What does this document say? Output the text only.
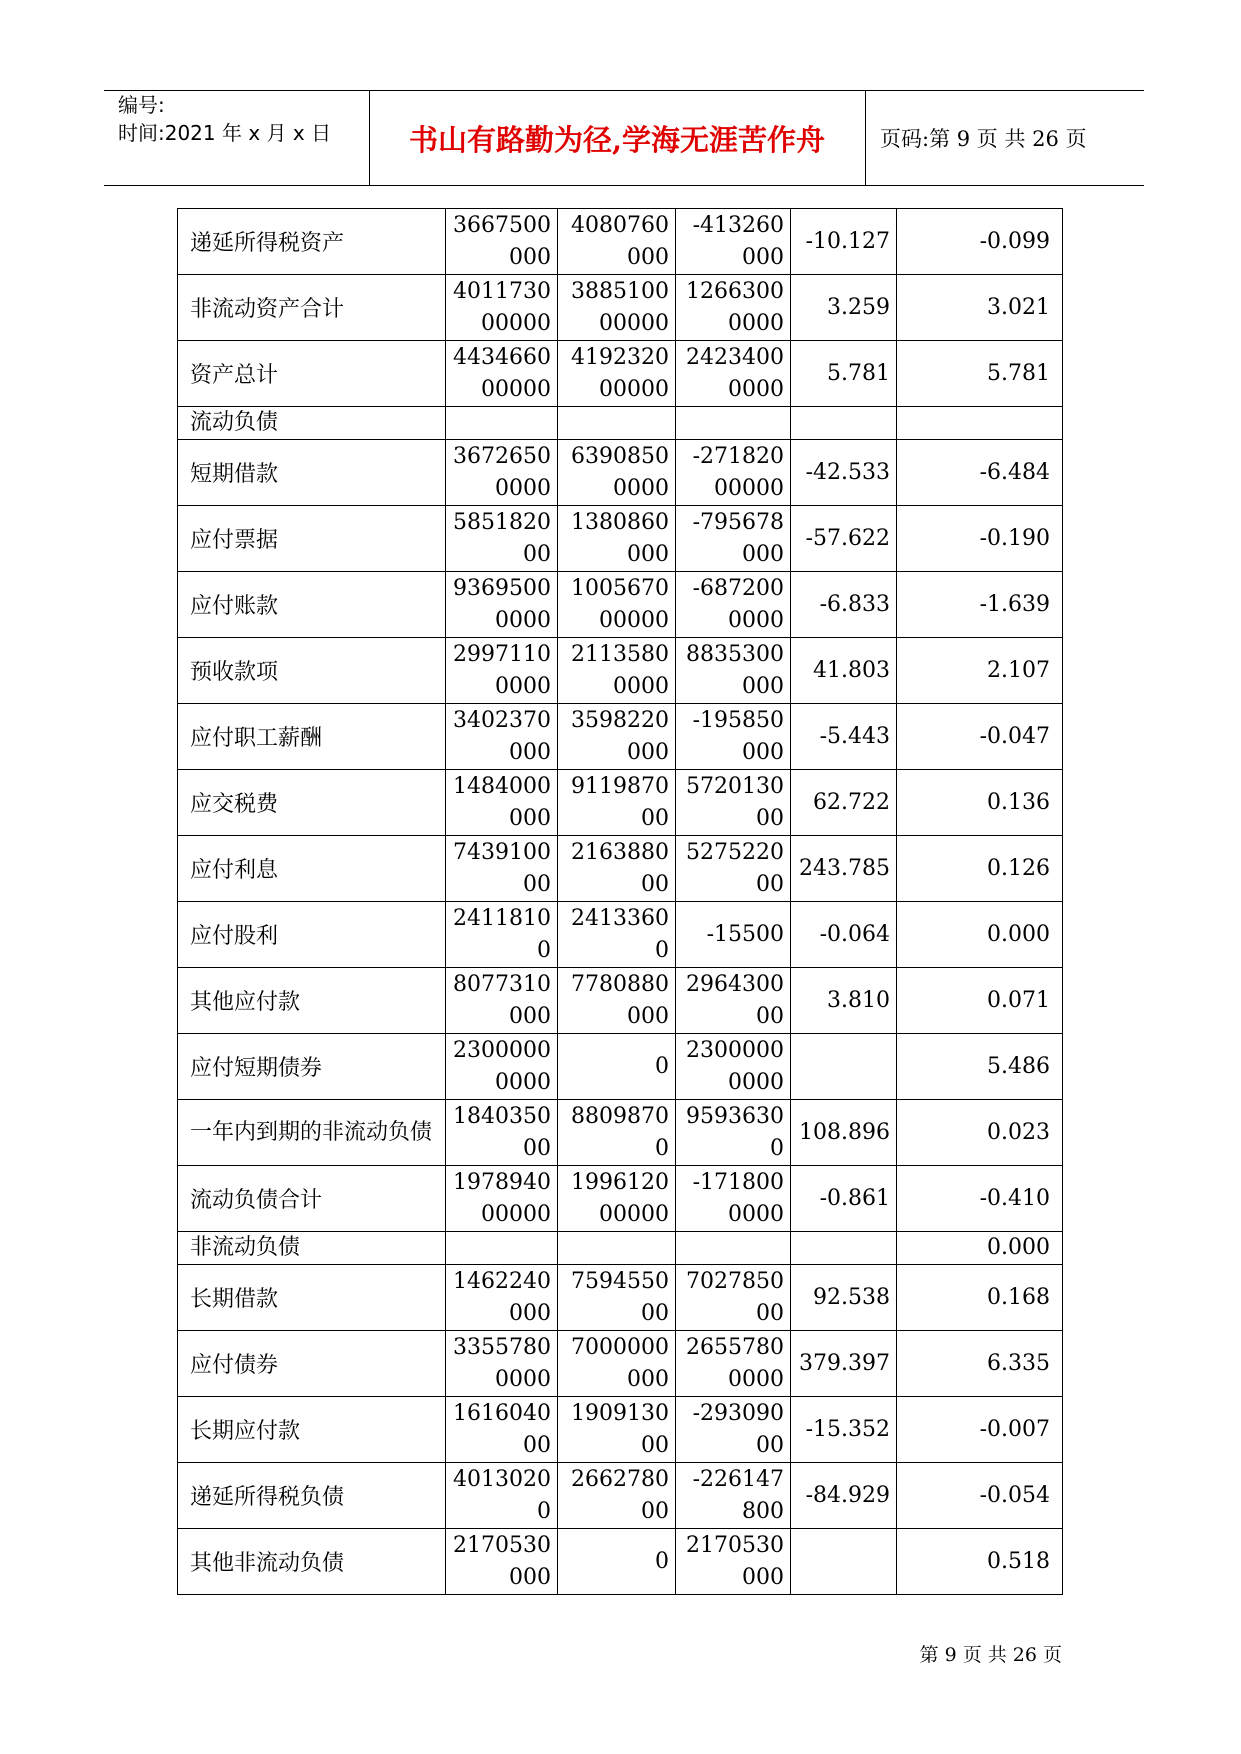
编号:
时间:2021 年 x 月 x 日	书山有路勤为径,学海无涯苦作舟	页码:第 9 页 共 26 页
递延所得税资产	3667500000	4080760000	-413260000	-10.127	-0.099
非流动资产合计	401173000000	388510000000	12663000000	3.259	3.021
资产总计	443466000000	419232000000	24234000000	5.781	5.781
流动负债					
短期借款	36726500000	63908500000	-27182000000	-42.533	-6.484
应付票据	585182000	1380860000	-795678000	-57.622	-0.190
应付账款	93695000000	100567000000	-6872000000	-6.833	-1.639
预收款项	29971100000	21135800000	8835300000	41.803	2.107
应付职工薪酬	3402370000	3598220000	-195850000	-5.443	-0.047
应交税费	1484000000	911987000	572013000	62.722	0.136
应付利息	743910000	216388000	527522000	243.785	0.126
应付股利	24118100	24133600	-15500	-0.064	0.000
其他应付款	8077310000	7780880000	296430000	3.810	0.071
应付短期债券	23000000000	0	23000000000		5.486
一年内到期的非流动负债	184035000	88098700	95936300	108.896	0.023
流动负债合计	197894000000	199612000000	-1718000000	-0.861	-0.410
非流动负债					0.000
长期借款	1462240000	759455000	702785000	92.538	0.168
应付债券	33557800000	7000000000	26557800000	379.397	6.335
长期应付款	161604000	190913000	-29309000	-15.352	-0.007
递延所得税负债	40130200	266278000	-226147800	-84.929	-0.054
其他非流动负债	2170530000	0	2170530000		0.518
第 9 页 共 26 页
